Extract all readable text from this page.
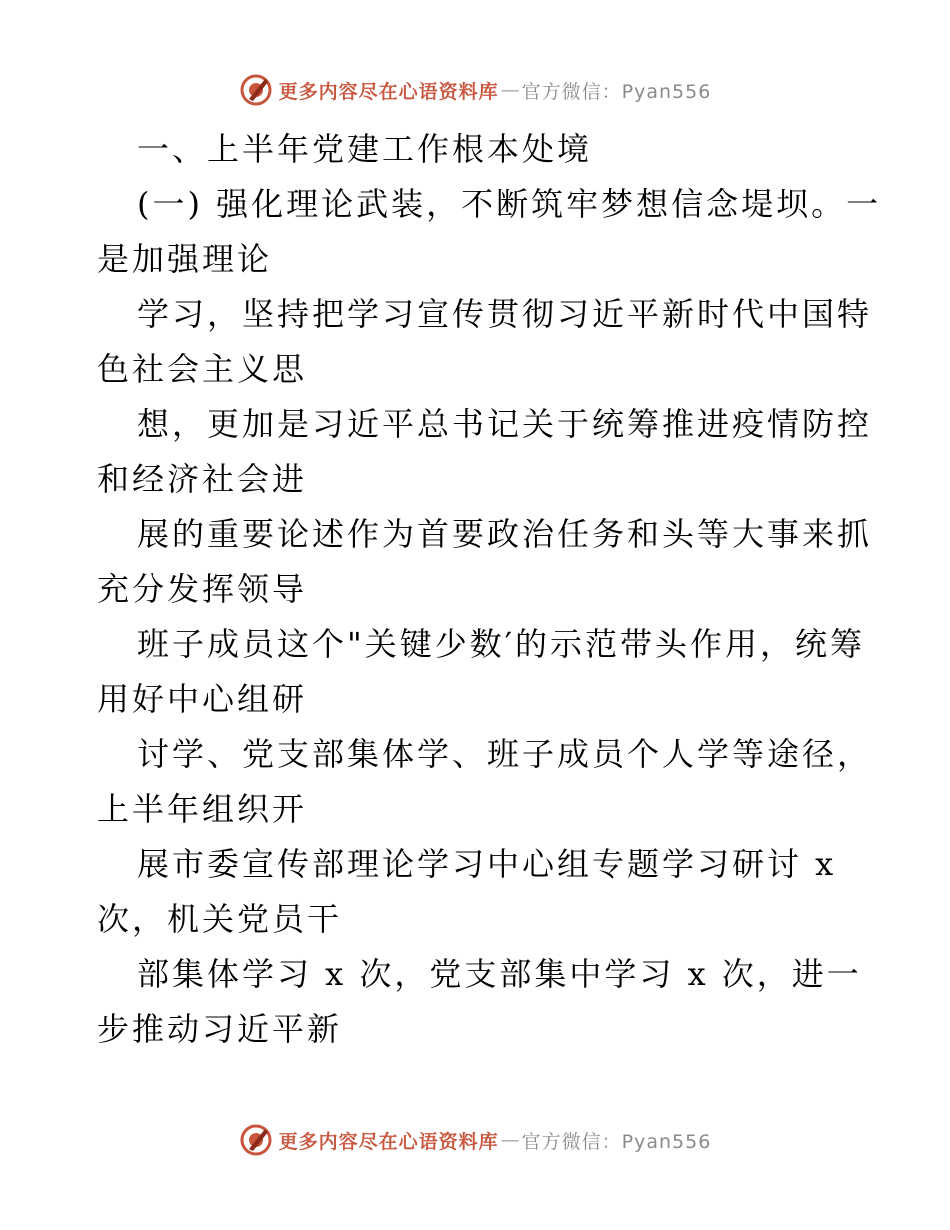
更多内容尽在心语资料库 — 官方微信：Pyan556
一、上半年党建工作根本处境
(一) 强化理论武装，不断筑牢梦想信念堤坝。一
是加强理论
学习，坚持把学习宣传贯彻习近平新时代中国特
色社会主义思
想，更加是习近平总书记关于统筹推进疫情防控
和经济社会进
展的重要论述作为首要政治任务和头等大事来抓
充分发挥领导
班子成员这个"关键少数′的示范带头作用，统筹
用好中心组研
讨学、党支部集体学、班子成员个人学等途径，
上半年组织开
展市委宣传部理论学习中心组专题学习研讨 x
次，机关党员干
部集体学习 x 次，党支部集中学习 x 次，进一
步推动习近平新
更多内容尽在心语资料库 — 官方微信：Pyan556
